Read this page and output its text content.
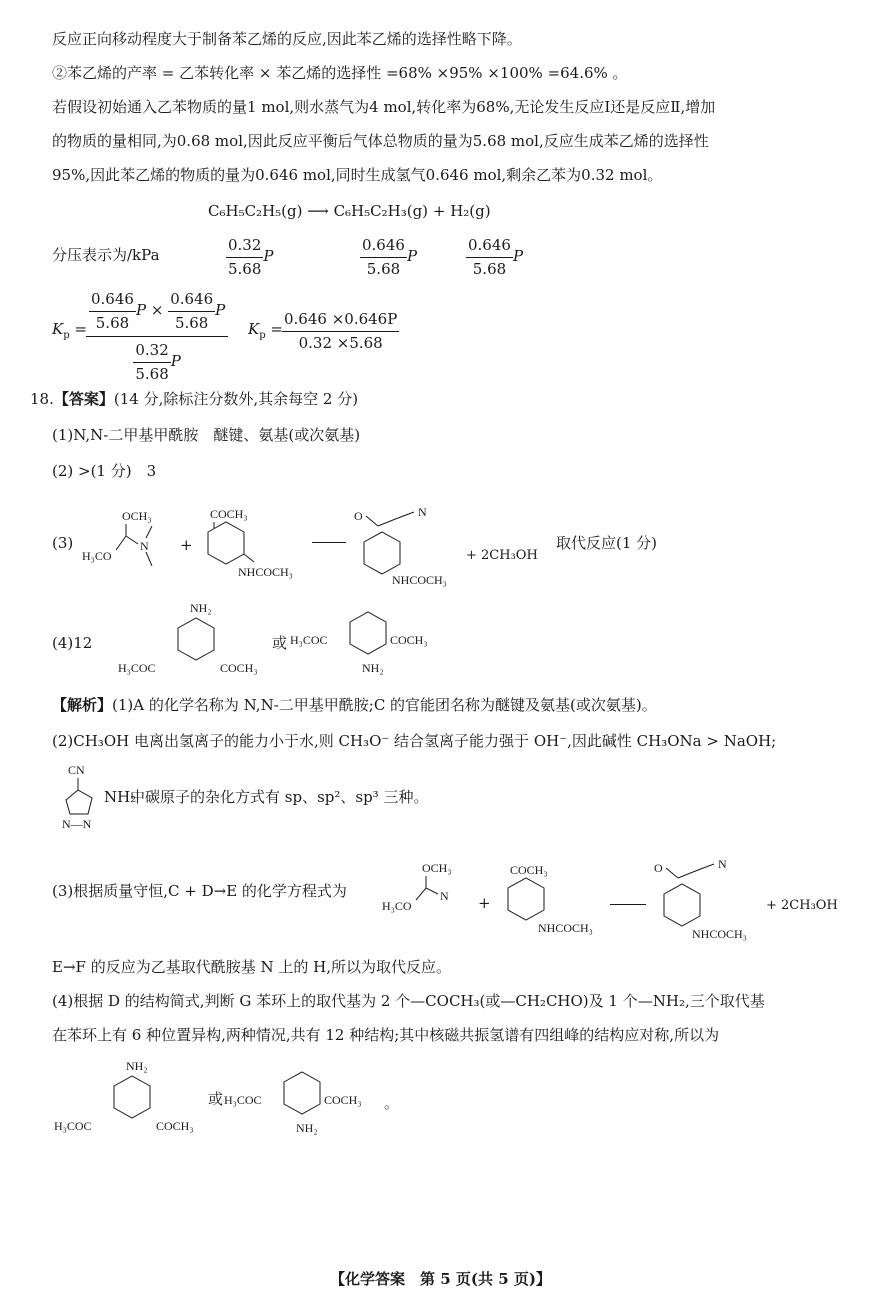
反应正向移动程度大于制备苯乙烯的反应,因此苯乙烯的选择性略下降。
②苯乙烯的产率 = 乙苯转化率 × 苯乙烯的选择性 =68% ×95% ×100% =64.6% 。
若假设初始通入乙苯物质的量1 mol,则水蒸气为4 mol,转化率为68%,无论发生反应Ⅰ还是反应Ⅱ,增加
的物质的量相同,为0.68 mol,因此反应平衡后气体总物质的量为5.68 mol,反应生成苯乙烯的选择性
95%,因此苯乙烯的物质的量为0.646 mol,同时生成氢气0.646 mol,剩余乙苯为0.32 mol。
C₆H₅C₂H₅(g) ⟶ C₆H₅C₂H₃(g) + H₂(g)
分压表示为/kPa	$\frac{0.32}{5.68}$ P	$\frac{0.646}{5.68}$ P	$\frac{0.646}{5.68}$ P
$K_p = \frac{\frac{0.646}{5.68} P \times \frac{0.646}{5.68} P}{\frac{0.32}{5.68} P} K_p = \frac{0.646 \times 0.646P}{0.32 \times 5.68}$
18.【答案】(14 分,除标注分数外,其余每空 2 分)
(1)N,N-二甲基甲酰胺　醚键、氨基(或次氨基)
(2) >(1 分)　3
(3)
OCH₃
H₃CO
N +
COCH₃
NHCOCH₃
O	N
NHCOCH₃
+ 2CH₃OH
取代反应(1 分)
(4)12
NH₂
H₃COC	COCH₃
或 H₃COC	COCH₃
NH₂
【解析】(1)A 的化学名称为 N,N-二甲基甲酰胺;C 的官能团名称为醚键及氨基(或次氨基)。
(2)CH₃OH 电离出氢离子的能力小于水,则 CH₃O⁻ 结合氢离子能力强于 OH⁻,因此碱性 CH₃ONa > NaOH;
CN
N—N
NH₂
中碳原子的杂化方式有 sp、sp²、sp³ 三种。
(3)根据质量守恒,C + D→E 的化学方程式为
OCH₃
H₃CO
N +
COCH₃
NHCOCH₃
O	N
NHCOCH₃
+ 2CH₃OH
E→F 的反应为乙基取代酰胺基 N 上的 H,所以为取代反应。
(4)根据 D 的结构简式,判断 G 苯环上的取代基为 2 个—COCH₃(或—CH₂CHO)及 1 个—NH₂,三个取代基
在苯环上有 6 种位置异构,两种情况,共有 12 种结构;其中核磁共振氢谱有四组峰的结构应对称,所以为
NH₂
H₃COC	COCH₃
或 H₃COC	COCH₃
NH₂
。
【化学答案　第 5 页(共 5 页)】
